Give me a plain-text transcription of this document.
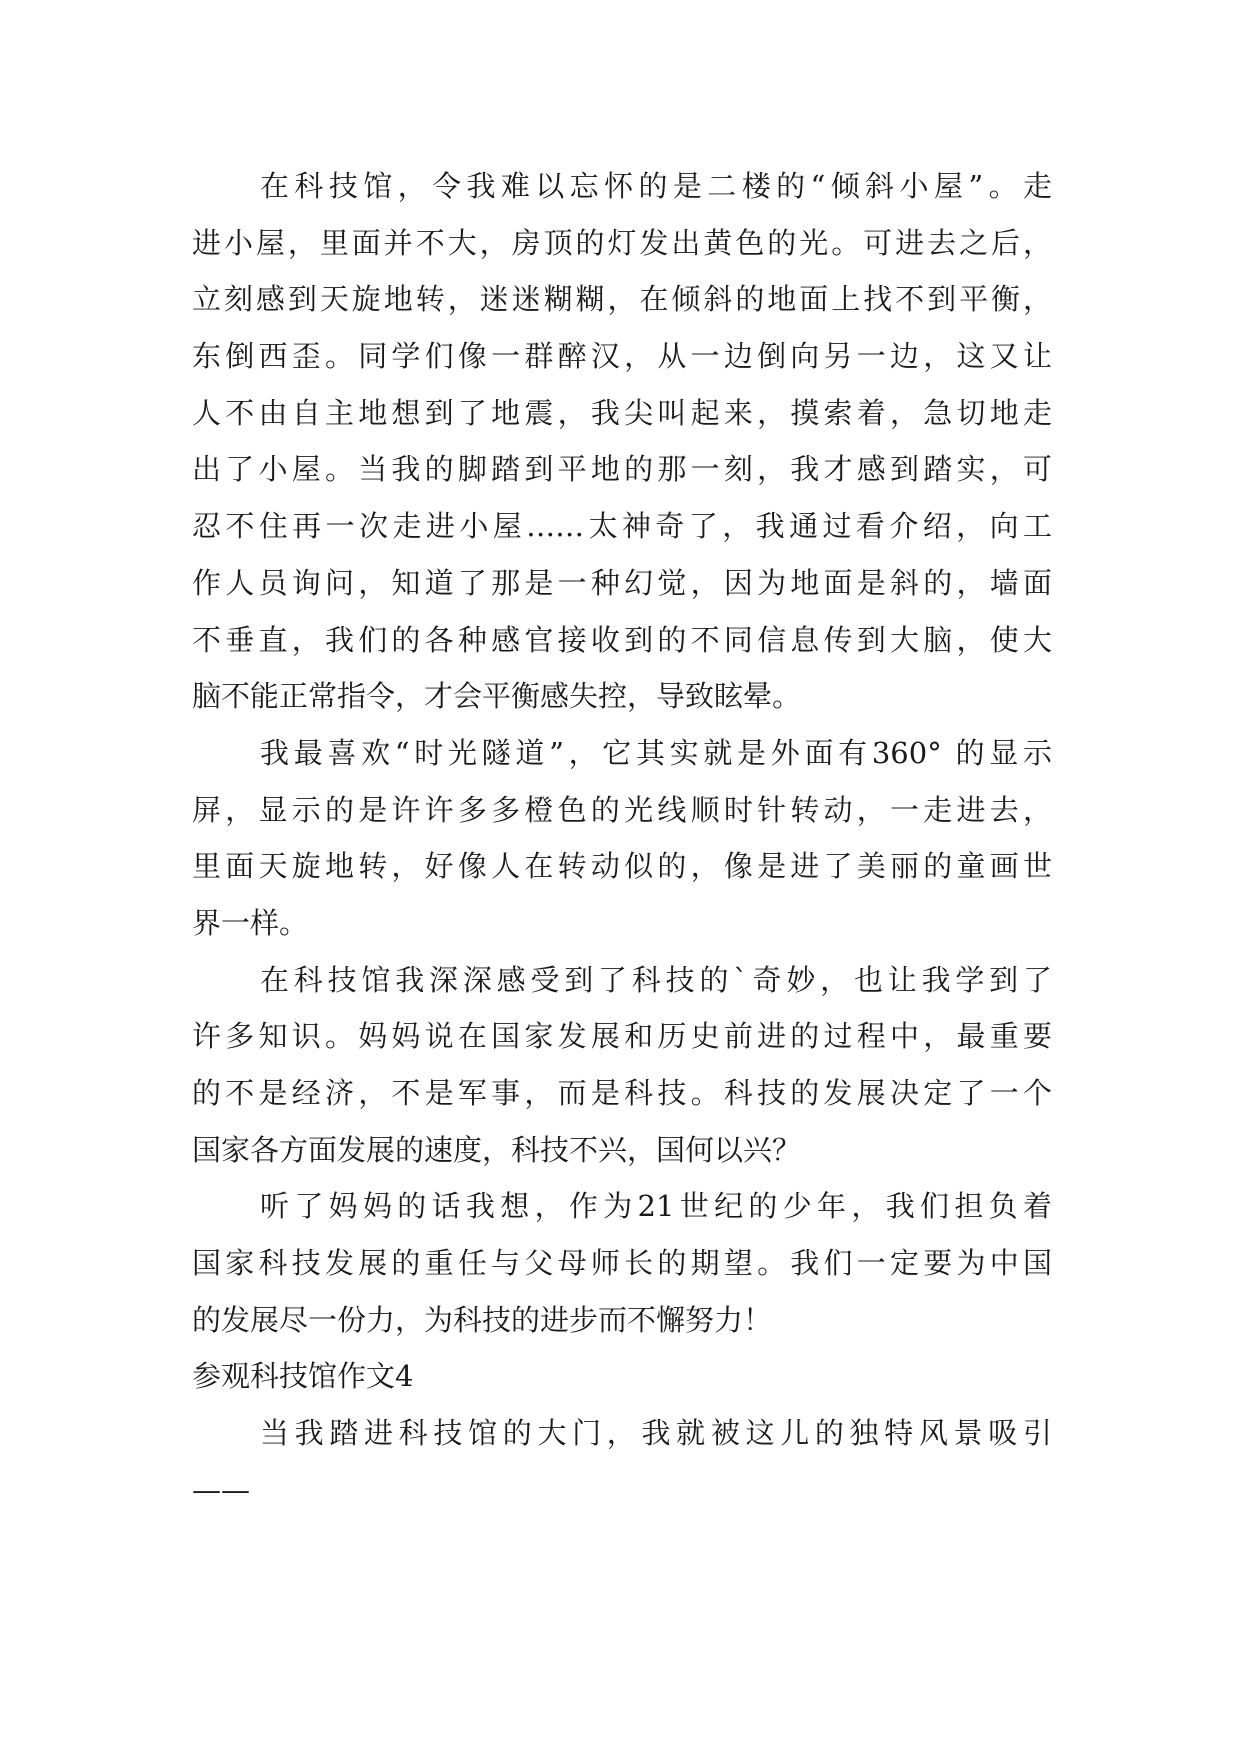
在科技馆，令我难以忘怀的是二楼的“倾斜小屋”。走
进小屋，里面并不大，房顶的灯发出黄色的光。可进去之后，
立刻感到天旋地转，迷迷糊糊，在倾斜的地面上找不到平衡，
东倒西歪。同学们像一群醉汉，从一边倒向另一边，这又让
人不由自主地想到了地震，我尖叫起来，摸索着，急切地走
出了小屋。当我的脚踏到平地的那一刻，我才感到踏实，可
忍不住再一次走进小屋……太神奇了，我通过看介绍，向工
作人员询问，知道了那是一种幻觉，因为地面是斜的，墙面
不垂直，我们的各种感官接收到的不同信息传到大脑，使大
脑不能正常指令，才会平衡感失控，导致眩晕。
我最喜欢“时光隧道”，它其实就是外面有360° 的显示
屏，显示的是许许多多橙色的光线顺时针转动，一走进去，
里面天旋地转，好像人在转动似的，像是进了美丽的童画世
界一样。
在科技馆我深深感受到了科技的`奇妙，也让我学到了
许多知识。妈妈说在国家发展和历史前进的过程中，最重要
的不是经济，不是军事，而是科技。科技的发展决定了一个
国家各方面发展的速度，科技不兴，国何以兴？
听了妈妈的话我想，作为21世纪的少年，我们担负着
国家科技发展的重任与父母师长的期望。我们一定要为中国
的发展尽一份力，为科技的进步而不懈努力！
参观科技馆作文4
当我踏进科技馆的大门，我就被这儿的独特风景吸引
——
